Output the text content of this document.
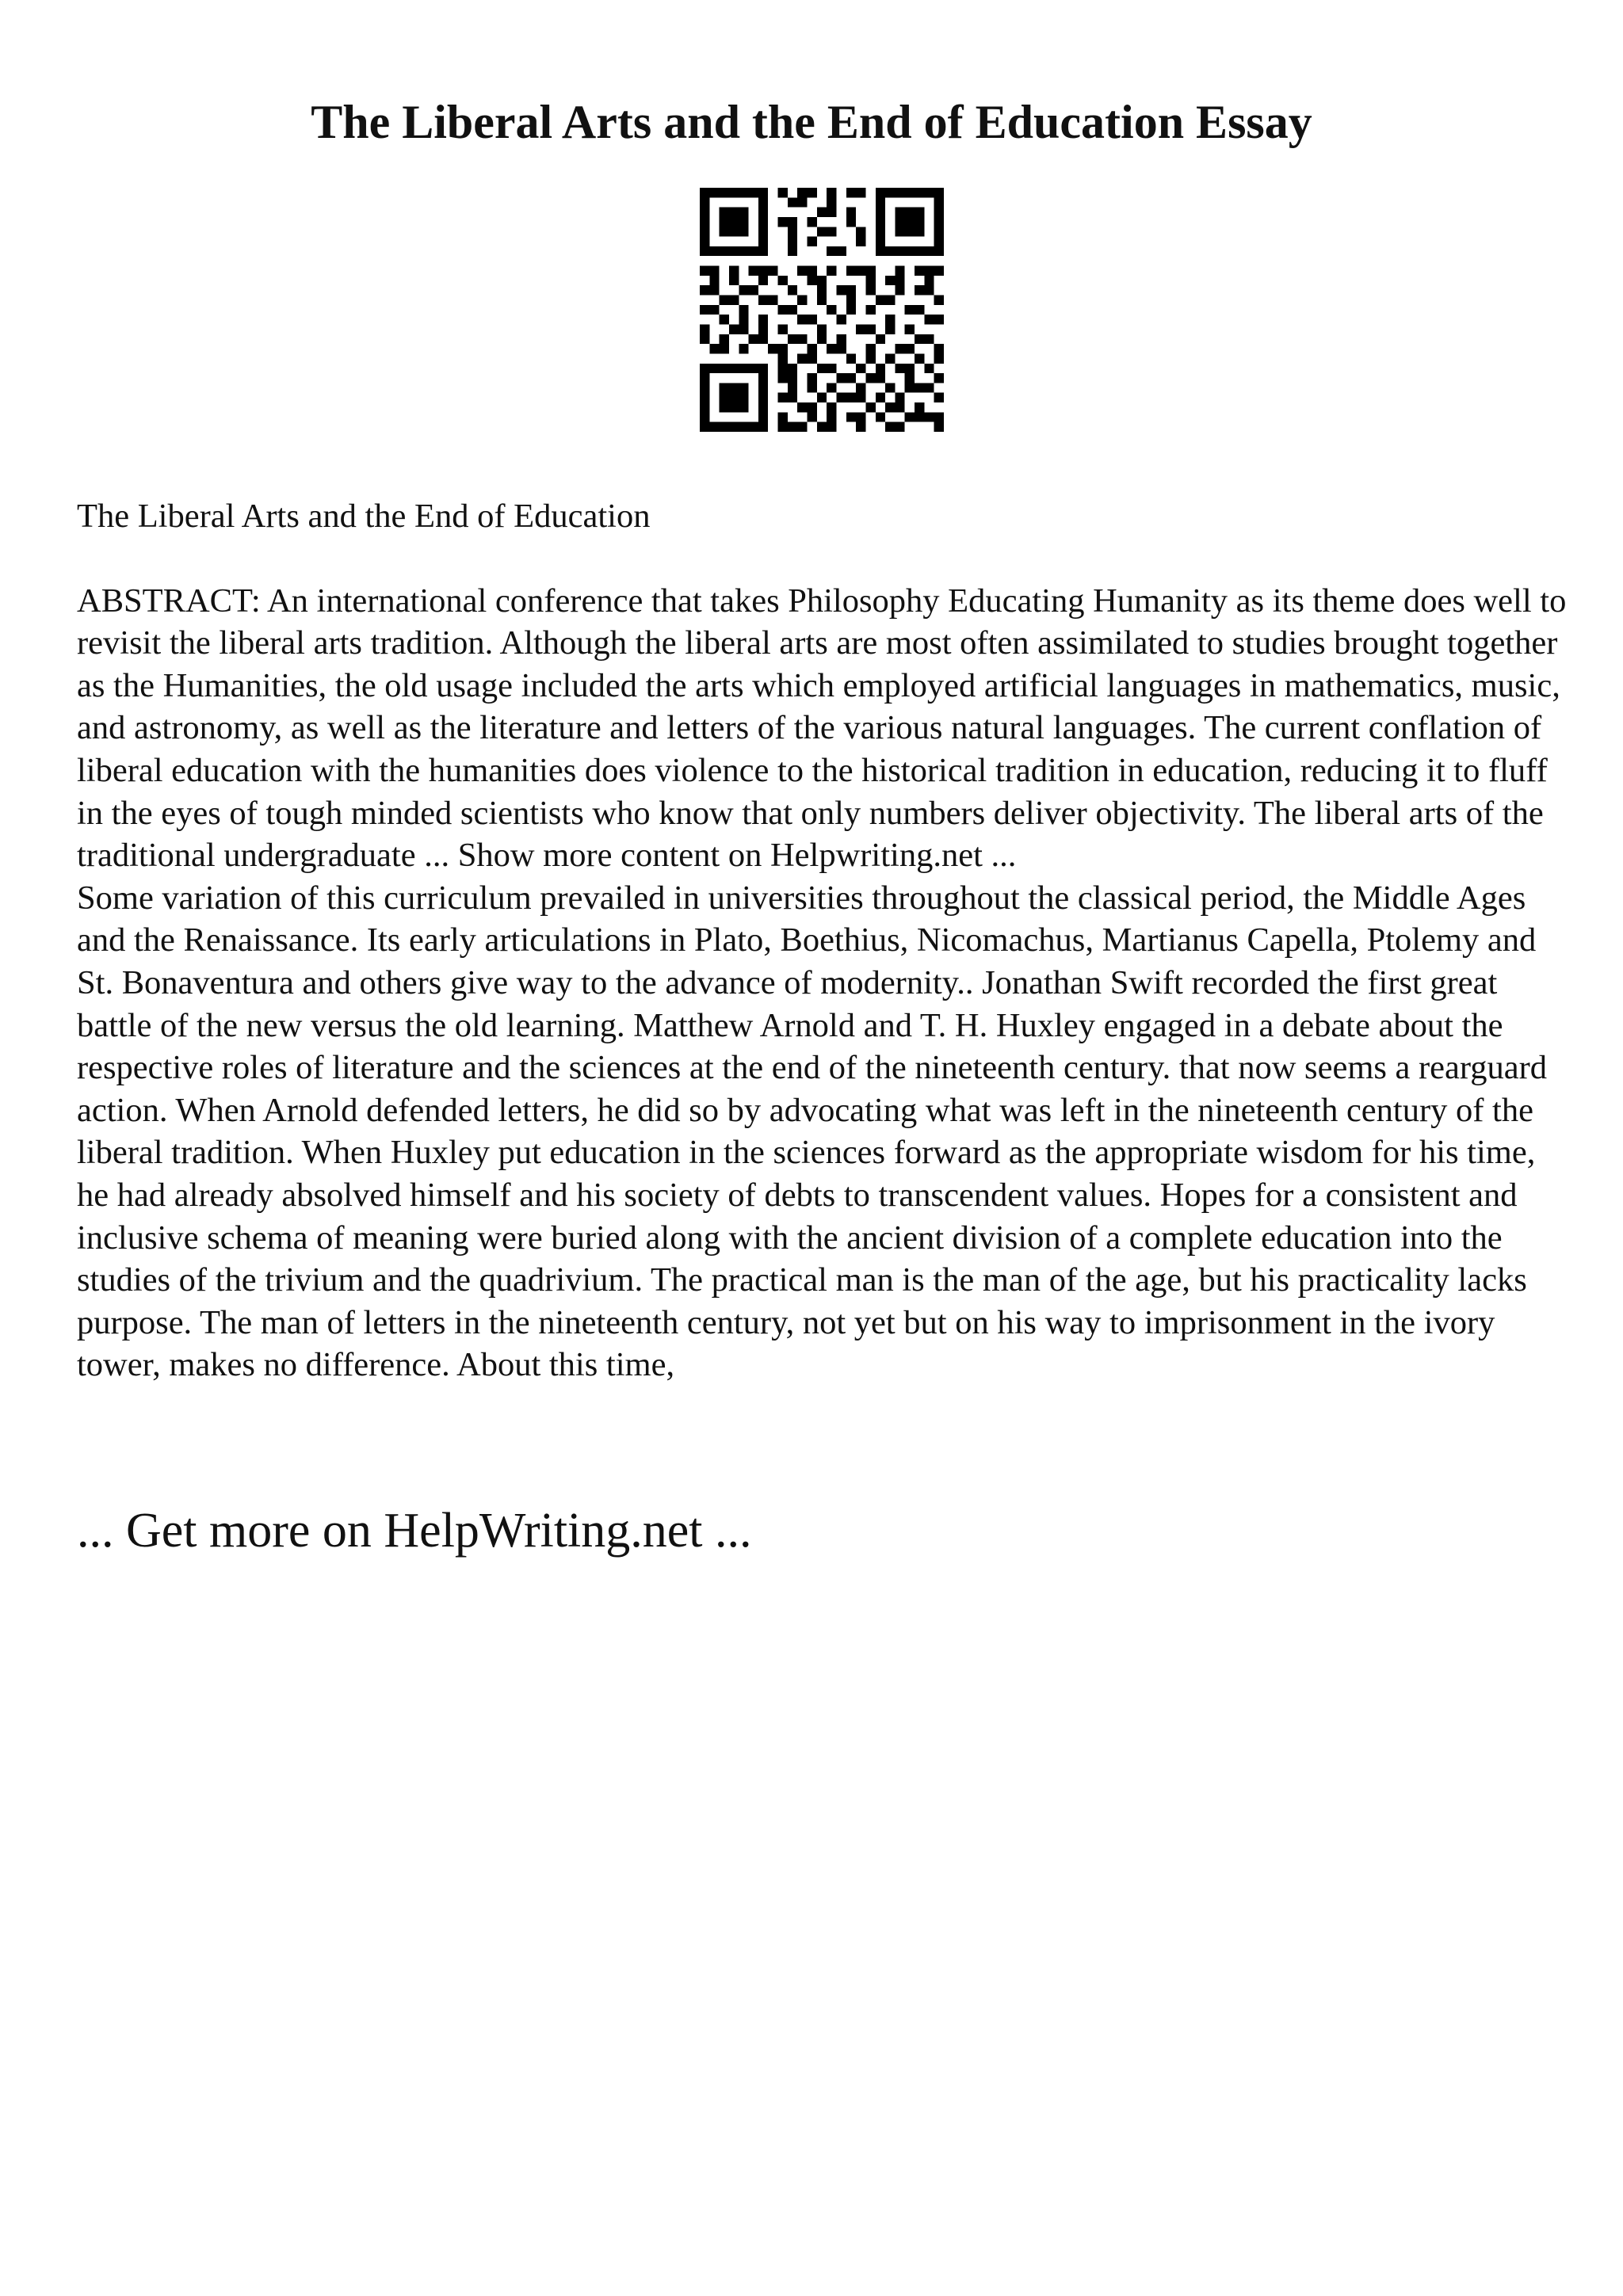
The Liberal Arts and the End of Education Essay

The Liberal Arts and the End of Education

ABSTRACT: An international conference that takes Philosophy Educating Humanity as its theme does well to revisit the liberal arts tradition. Although the liberal arts are most often assimilated to studies brought together as the Humanities, the old usage included the arts which employed artificial languages in mathematics, music, and astronomy, as well as the literature and letters of the various natural languages. The current conflation of liberal education with the humanities does violence to the historical tradition in education, reducing it to fluff in the eyes of tough minded scientists who know that only numbers deliver objectivity. The liberal arts of the traditional undergraduate ... Show more content on Helpwriting.net ...

Some variation of this curriculum prevailed in universities throughout the classical period, the Middle Ages and the Renaissance. Its early articulations in Plato, Boethius, Nicomachus, Martianus Capella, Ptolemy and St. Bonaventura and others give way to the advance of modernity.. Jonathan Swift recorded the first great battle of the new versus the old learning. Matthew Arnold and T. H. Huxley engaged in a debate about the respective roles of literature and the sciences at the end of the nineteenth century. that now seems a rearguard action. When Arnold defended letters, he did so by advocating what was left in the nineteenth century of the liberal tradition. When Huxley put education in the sciences forward as the appropriate wisdom for his time, he had already absolved himself and his society of debts to transcendent values. Hopes for a consistent and inclusive schema of meaning were buried along with the ancient division of a complete education into the studies of the trivium and the quadrivium. The practical man is the man of the age, but his practicality lacks purpose. The man of letters in the nineteenth century, not yet but on his way to imprisonment in the ivory tower, makes no difference. About this time,

... Get more on HelpWriting.net ...
